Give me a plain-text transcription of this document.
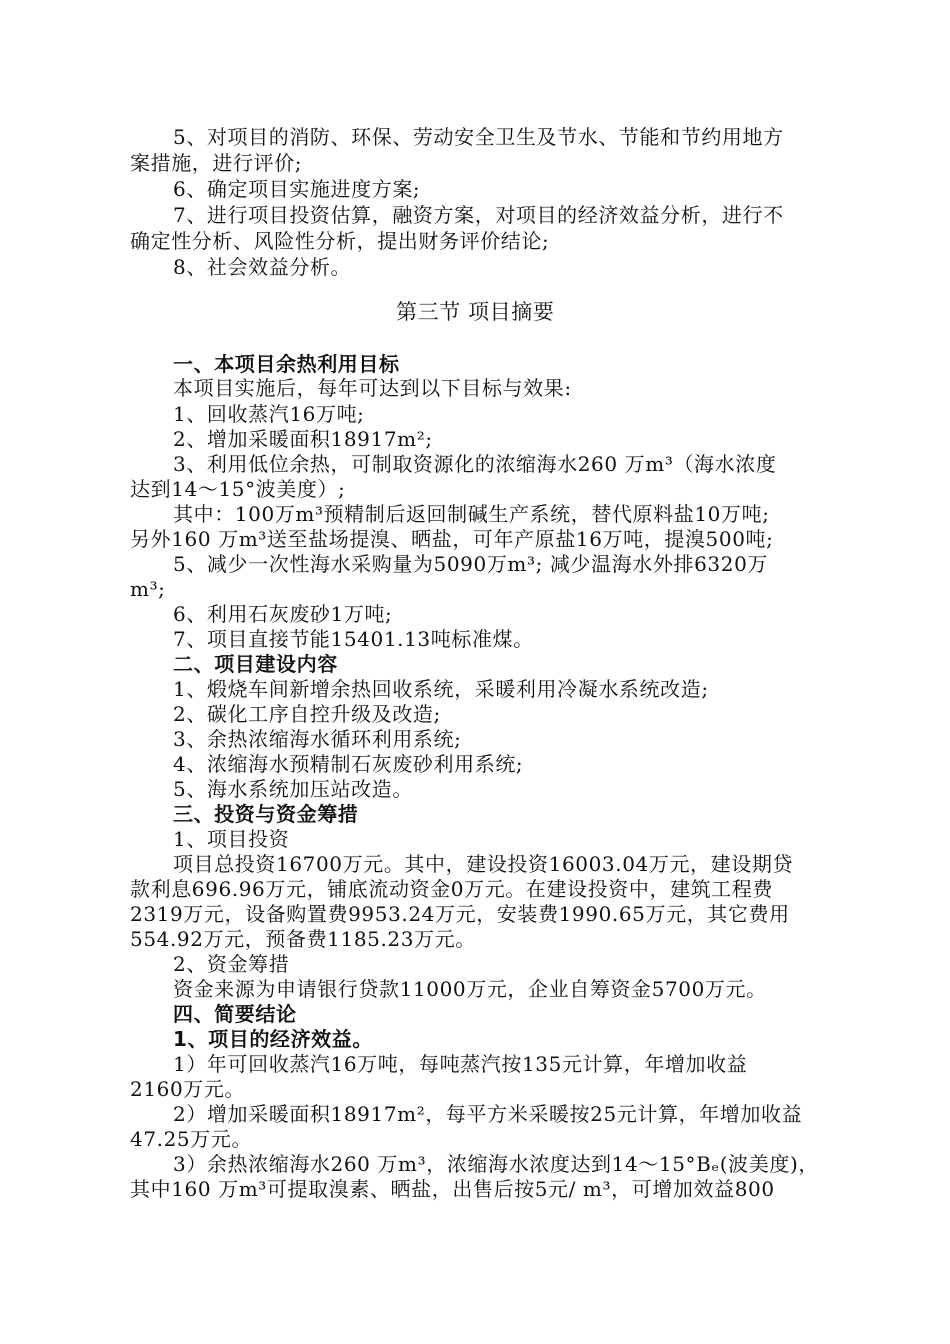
5、对项目的消防、环保、劳动安全卫生及节水、节能和节约用地方
案措施，进行评价;
6、确定项目实施进度方案;
7、进行项目投资估算，融资方案，对项目的经济效益分析，进行不
确定性分析、风险性分析，提出财务评价结论;
8、社会效益分析。
第三节 项目摘要
一、本项目余热利用目标
本项目实施后，每年可达到以下目标与效果:
1、回收蒸汽16万吨;
2、增加采暖面积18917m²;
3、利用低位余热，可制取资源化的浓缩海水260 万m³（海水浓度
达到14～15°波美度）;
其中：100万m³预精制后返回制碱生产系统，替代原料盐10万吨;
另外160 万m³送至盐场提溴、晒盐，可年产原盐16万吨，提溴500吨;
5、减少一次性海水采购量为5090万m³; 减少温海水外排6320万
m³;
6、利用石灰废砂1万吨;
7、项目直接节能15401.13吨标准煤。
二、项目建设内容
1、煅烧车间新增余热回收系统，采暖利用冷凝水系统改造;
2、碳化工序自控升级及改造;
3、余热浓缩海水循环利用系统;
4、浓缩海水预精制石灰废砂利用系统;
5、海水系统加压站改造。
三、投资与资金筹措
1、项目投资
项目总投资16700万元。其中，建设投资16003.04万元，建设期贷
款利息696.96万元，铺底流动资金0万元。在建设投资中，建筑工程费
2319万元，设备购置费9953.24万元，安装费1990.65万元，其它费用
554.92万元，预备费1185.23万元。
2、资金筹措
资金来源为申请银行贷款11000万元，企业自筹资金5700万元。
四、简要结论
1、项目的经济效益。
1）年可回收蒸汽16万吨，每吨蒸汽按135元计算，年增加收益
2160万元。
2）增加采暖面积18917m²，每平方米采暖按25元计算，年增加收益
47.25万元。
3）余热浓缩海水260 万m³，浓缩海水浓度达到14～15°Bₑ(波美度)，
其中160 万m³可提取溴素、晒盐，出售后按5元/ m³，可增加效益800
